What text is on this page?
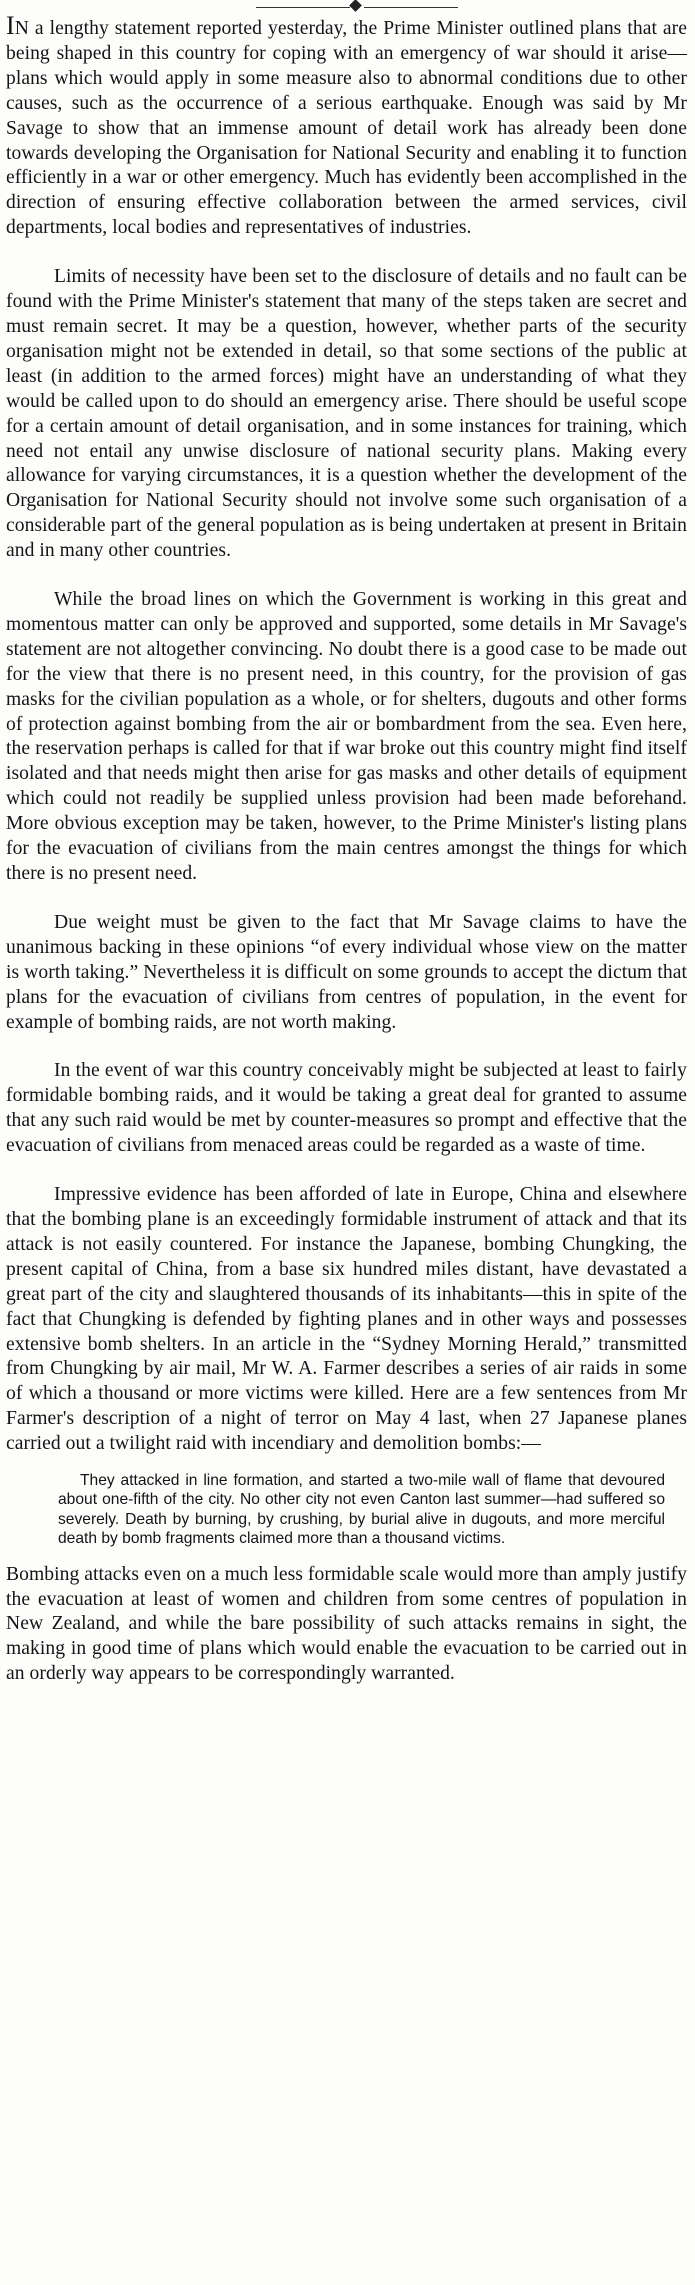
IN a lengthy statement reported yesterday, the Prime Minister outlined plans that are being shaped in this country for coping with an emergency of war should it arise—plans which would apply in some measure also to abnormal conditions due to other causes, such as the occurrence of a serious earthquake. Enough was said by Mr Savage to show that an immense amount of detail work has already been done towards developing the Organisation for National Security and enabling it to function efficiently in a war or other emergency. Much has evidently been accomplished in the direction of ensuring effective collaboration between the armed services, civil departments, local bodies and representatives of industries.

Limits of necessity have been set to the disclosure of details and no fault can be found with the Prime Minister's statement that many of the steps taken are secret and must remain secret. It may be a question, however, whether parts of the security organisation might not be extended in detail, so that some sections of the public at least (in addition to the armed forces) might have an understanding of what they would be called upon to do should an emergency arise. There should be useful scope for a certain amount of detail organisation, and in some instances for training, which need not entail any unwise disclosure of national security plans. Making every allowance for varying circumstances, it is a question whether the development of the Organisation for National Security should not involve some such organisation of a considerable part of the general population as is being undertaken at present in Britain and in many other countries.

While the broad lines on which the Government is working in this great and momentous matter can only be approved and supported, some details in Mr Savage's statement are not altogether convincing. No doubt there is a good case to be made out for the view that there is no present need, in this country, for the provision of gas masks for the civilian population as a whole, or for shelters, dugouts and other forms of protection against bombing from the air or bombardment from the sea. Even here, the reservation perhaps is called for that if war broke out this country might find itself isolated and that needs might then arise for gas masks and other details of equipment which could not readily be supplied unless provision had been made beforehand. More obvious exception may be taken, however, to the Prime Minister's listing plans for the evacuation of civilians from the main centres amongst the things for which there is no present need.

Due weight must be given to the fact that Mr Savage claims to have the unanimous backing in these opinions “of every individual whose view on the matter is worth taking.” Nevertheless it is difficult on some grounds to accept the dictum that plans for the evacuation of civilians from centres of population, in the event for example of bombing raids, are not worth making.

In the event of war this country conceivably might be subjected at least to fairly formidable bombing raids, and it would be taking a great deal for granted to assume that any such raid would be met by counter-measures so prompt and effective that the evacuation of civilians from menaced areas could be regarded as a waste of time.

Impressive evidence has been afforded of late in Europe, China and elsewhere that the bombing plane is an exceedingly formidable instrument of attack and that its attack is not easily countered. For instance the Japanese, bombing Chungking, the present capital of China, from a base six hundred miles distant, have devastated a great part of the city and slaughtered thousands of its inhabitants—this in spite of the fact that Chungking is defended by fighting planes and in other ways and possesses extensive bomb shelters. In an article in the “Sydney Morning Herald,” transmitted from Chungking by air mail, Mr W. A. Farmer describes a series of air raids in some of which a thousand or more victims were killed. Here are a few sentences from Mr Farmer's description of a night of terror on May 4 last, when 27 Japanese planes carried out a twilight raid with incendiary and demolition bombs:—

They attacked in line formation, and started a two-mile wall of flame that devoured about one-fifth of the city. No other city not even Canton last summer—had suffered so severely. Death by burning, by crushing, by burial alive in dugouts, and more merciful death by bomb fragments claimed more than a thousand victims.

Bombing attacks even on a much less formidable scale would more than amply justify the evacuation at least of women and children from some centres of population in New Zealand, and while the bare possibility of such attacks remains in sight, the making in good time of plans which would enable the evacuation to be carried out in an orderly way appears to be correspondingly warranted.
